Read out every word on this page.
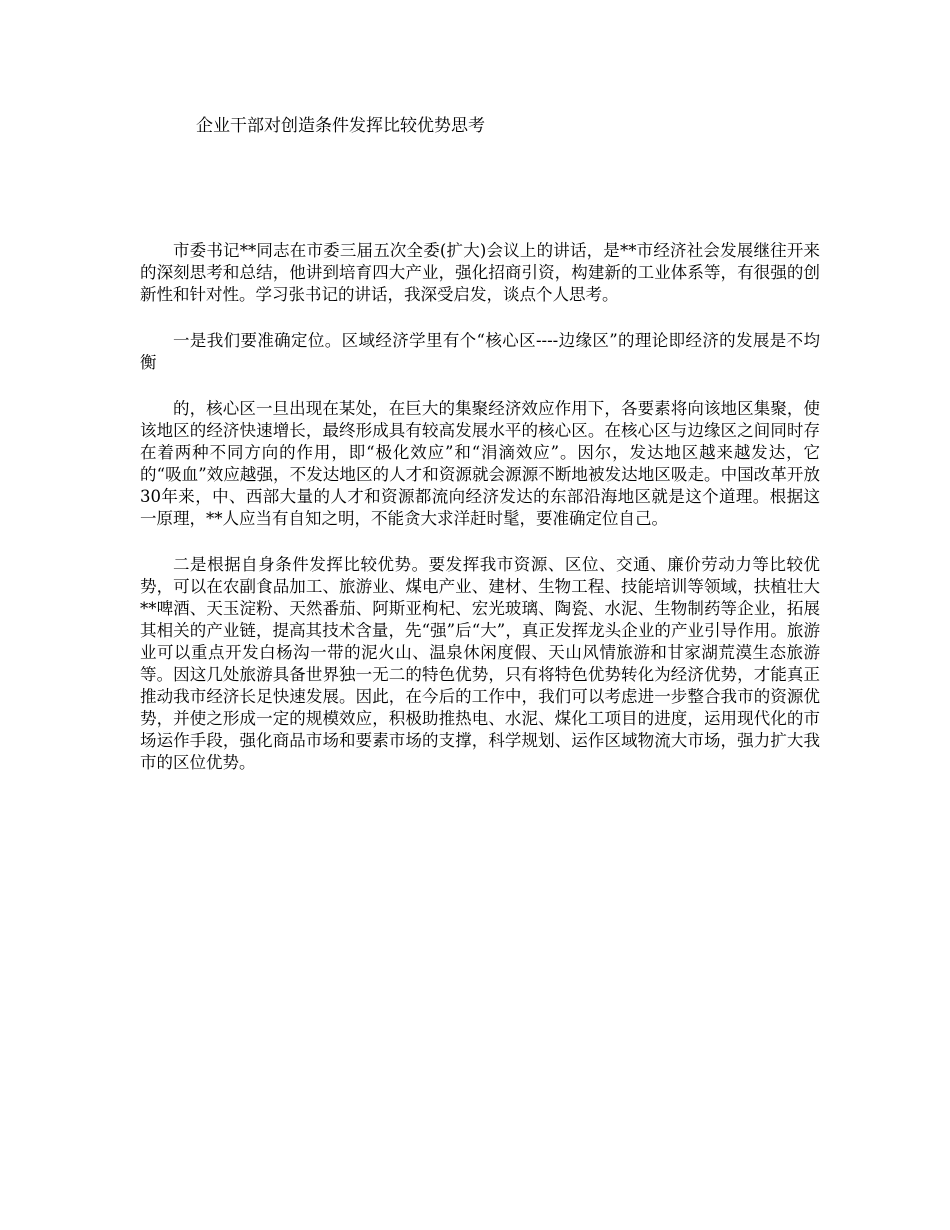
企业干部对创造条件发挥比较优势思考

市委书记**同志在市委三届五次全委(扩大)会议上的讲话，是**市经济社会发展继往开来的深刻思考和总结，他讲到培育四大产业，强化招商引资，构建新的工业体系等，有很强的创新性和针对性。学习张书记的讲话，我深受启发，谈点个人思考。

一是我们要准确定位。区域经济学里有个“核心区----边缘区”的理论即经济的发展是不均衡

的，核心区一旦出现在某处，在巨大的集聚经济效应作用下，各要素将向该地区集聚，使该地区的经济快速增长，最终形成具有较高发展水平的核心区。在核心区与边缘区之间同时存在着两种不同方向的作用，即“极化效应”和“涓滴效应”。因尔，发达地区越来越发达，它的“吸血”效应越强，不发达地区的人才和资源就会源源不断地被发达地区吸走。中国改革开放30年来，中、西部大量的人才和资源都流向经济发达的东部沿海地区就是这个道理。根据这一原理，**人应当有自知之明，不能贪大求洋赶时髦，要准确定位自己。

二是根据自身条件发挥比较优势。要发挥我市资源、区位、交通、廉价劳动力等比较优势，可以在农副食品加工、旅游业、煤电产业、建材、生物工程、技能培训等领域，扶植壮大**啤酒、天玉淀粉、天然番茄、阿斯亚枸杞、宏光玻璃、陶瓷、水泥、生物制药等企业，拓展其相关的产业链，提高其技术含量，先“强”后“大”，真正发挥龙头企业的产业引导作用。旅游业可以重点开发白杨沟一带的泥火山、温泉休闲度假、天山风情旅游和甘家湖荒漠生态旅游等。因这几处旅游具备世界独一无二的特色优势，只有将特色优势转化为经济优势，才能真正推动我市经济长足快速发展。因此，在今后的工作中，我们可以考虑进一步整合我市的资源优势，并使之形成一定的规模效应，积极助推热电、水泥、煤化工项目的进度，运用现代化的市场运作手段，强化商品市场和要素市场的支撑，科学规划、运作区域物流大市场，强力扩大我市的区位优势。
